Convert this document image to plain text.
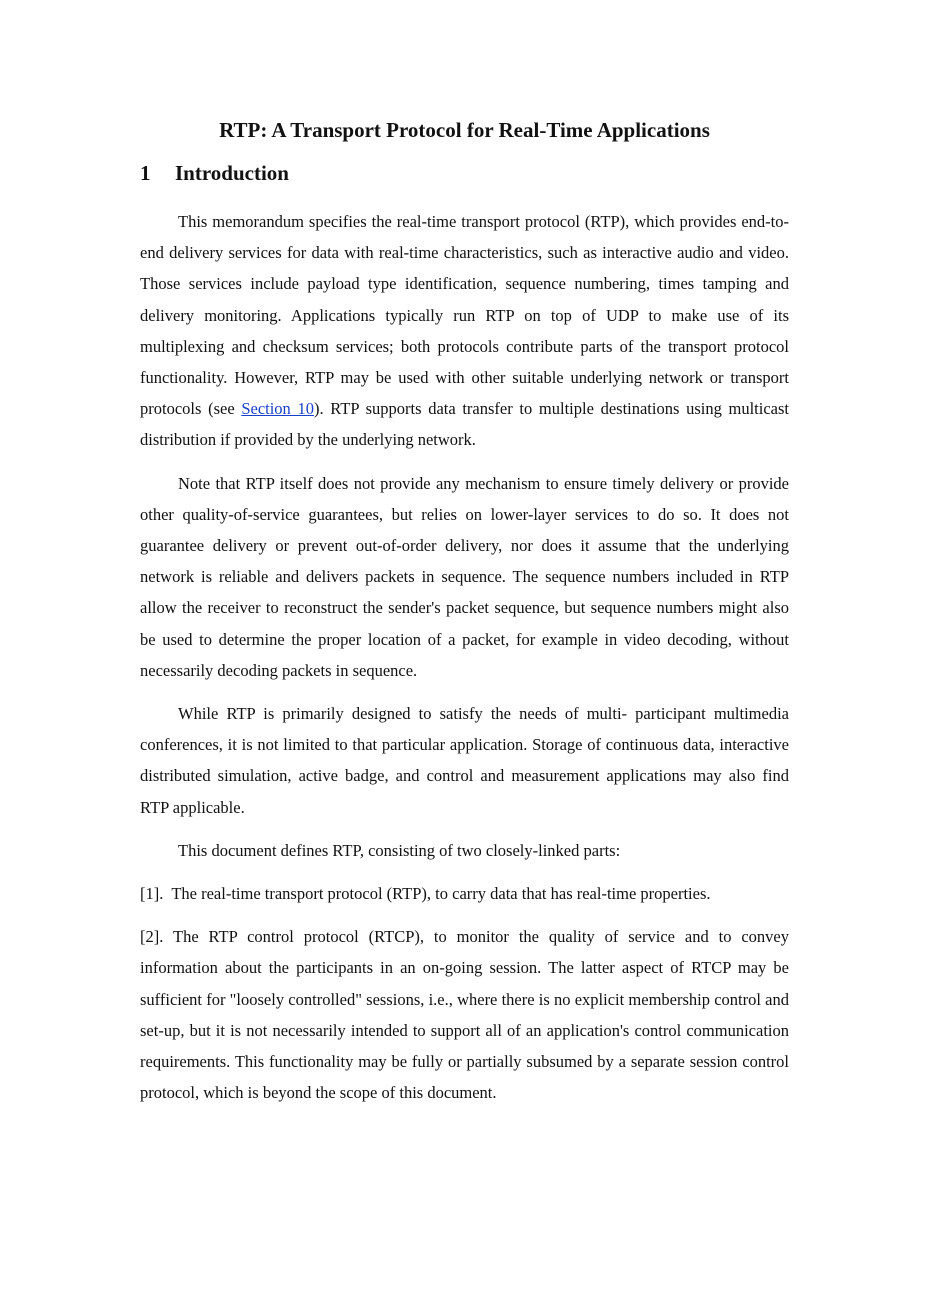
RTP: A Transport Protocol for Real-Time Applications
1 Introduction

This memorandum specifies the real-time transport protocol (RTP), which provides end-to-end delivery services for data with real-time characteristics, such as interactive audio and video. Those services include payload type identification, sequence numbering, times tamping and delivery monitoring. Applications typically run RTP on top of UDP to make use of its multiplexing and checksum services; both protocols contribute parts of the transport protocol functionality. However, RTP may be used with other suitable underlying network or transport protocols (see Section 10). RTP supports data transfer to multiple destinations using multicast distribution if provided by the underlying network.

Note that RTP itself does not provide any mechanism to ensure timely delivery or provide other quality-of-service guarantees, but relies on lower-layer services to do so. It does not guarantee delivery or prevent out-of-order delivery, nor does it assume that the underlying network is reliable and delivers packets in sequence. The sequence numbers included in RTP allow the receiver to reconstruct the sender's packet sequence, but sequence numbers might also be used to determine the proper location of a packet, for example in video decoding, without necessarily decoding packets in sequence.

While RTP is primarily designed to satisfy the needs of multi- participant multimedia conferences, it is not limited to that particular application. Storage of continuous data, interactive distributed simulation, active badge, and control and measurement applications may also find RTP applicable.

This document defines RTP, consisting of two closely-linked parts:

[1]. The real-time transport protocol (RTP), to carry data that has real-time properties.

[2]. The RTP control protocol (RTCP), to monitor the quality of service and to convey information about the participants in an on-going session. The latter aspect of RTCP may be sufficient for "loosely controlled" sessions, i.e., where there is no explicit membership control and set-up, but it is not necessarily intended to support all of an application's control communication requirements. This functionality may be fully or partially subsumed by a separate session control protocol, which is beyond the scope of this document.
